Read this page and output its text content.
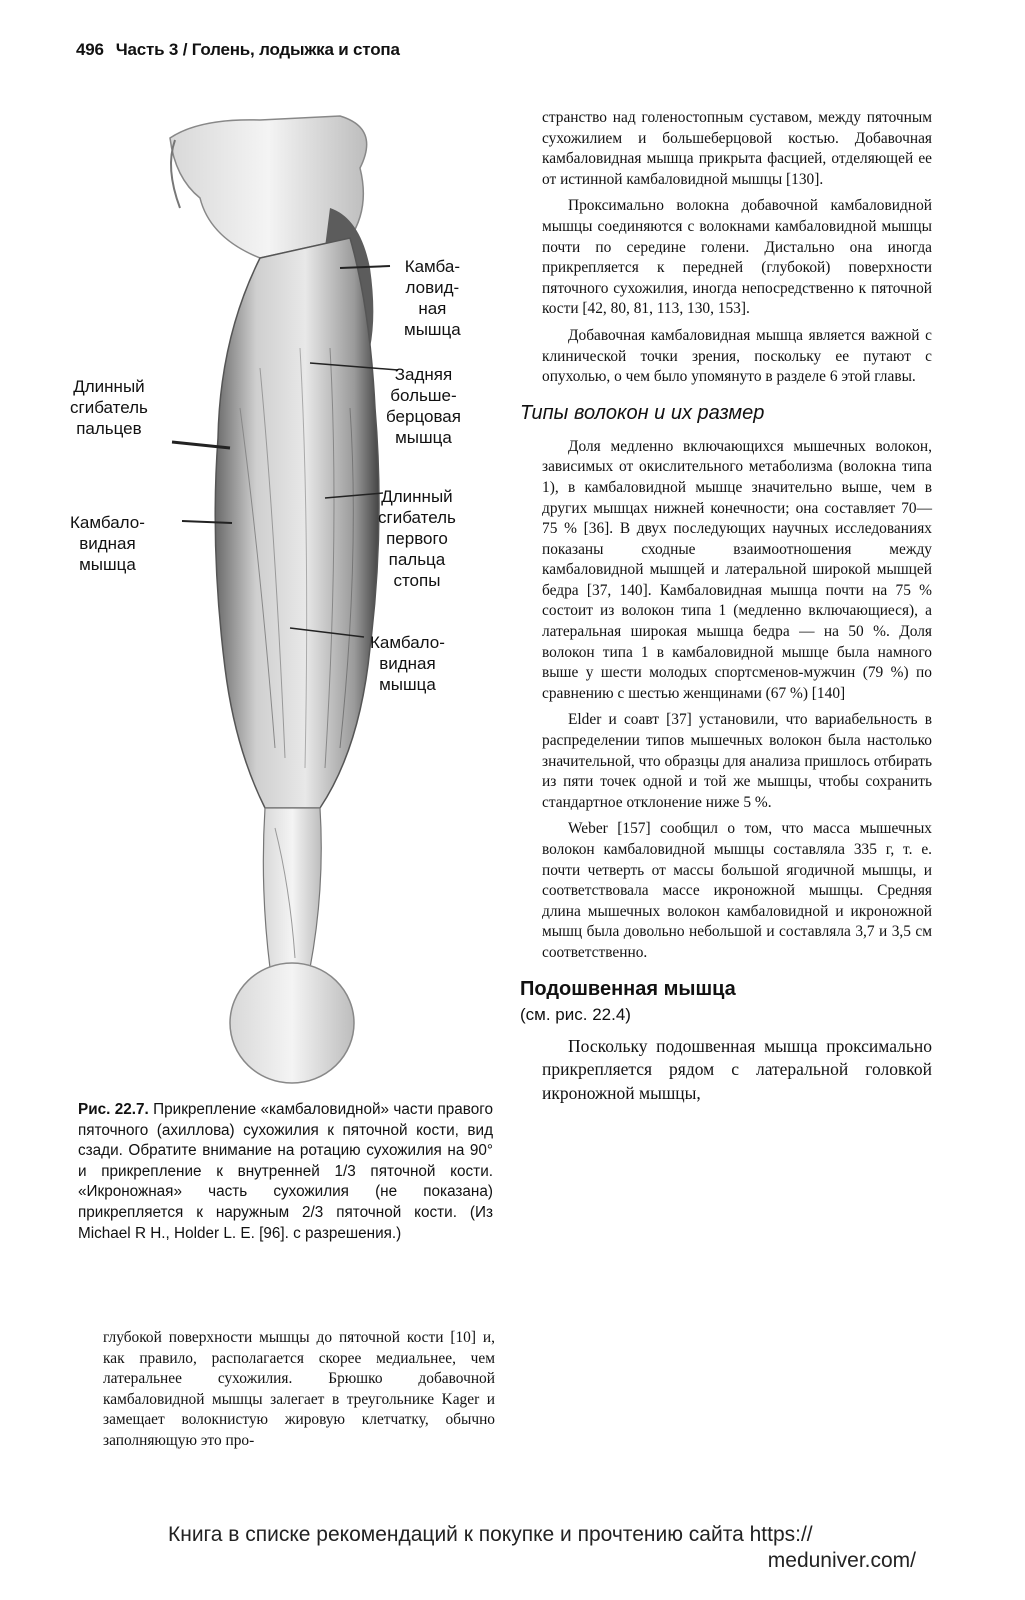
496 Часть 3 / Голень, лодыжка и стопа
Камба-
ловид-
ная
мышца
Длинный
сгибатель
пальцев
Задняя
больше-
берцовая
мышца
Камбало-
видная
мышца
Длинный
сгибатель
первого
пальца
стопы
Камбало-
видная
мышца
Рис. 22.7. Прикрепление «камбаловидной» части правого пяточного (ахиллова) сухожилия к пяточной кости, вид сзади. Обратите внимание на ротацию сухожилия на 90° и прикрепление к внутренней 1/3 пяточной кости. «Икроножная» часть сухожилия (не показана) прикрепляется к наружным 2/3 пяточной кости. (Из Michael R H., Holder L. E. [96]. с разрешения.)

глубокой поверхности мышцы до пяточной кости [10] и, как правило, располагается скорее медиальнее, чем латеральнее сухожилия. Брюшко добавочной камбаловидной мышцы залегает в треугольнике Kager и замещает волокнистую жировую клетчатку, обычно заполняющую это про-

странство над голеностопным суставом, между пяточным сухожилием и большеберцовой костью. Добавочная камбаловидная мышца прикрыта фасцией, отделяющей ее от истинной камбаловидной мышцы [130].

Проксимально волокна добавочной камбаловидной мышцы соединяются с волокнами камбаловидной мышцы почти по середине голени. Дистально она иногда прикрепляется к передней (глубокой) поверхности пяточного сухожилия, иногда непосредственно к пяточной кости [42, 80, 81, 113, 130, 153].

Добавочная камбаловидная мышца является важной с клинической точки зрения, поскольку ее путают с опухолью, о чем было упомянуто в разделе 6 этой главы.

Типы волокон и их размер

Доля медленно включающихся мышечных волокон, зависимых от окислительного метаболизма (волокна типа 1), в камбаловидной мышце значительно выше, чем в других мышцах нижней конечности; она составляет 70—75 % [36]. В двух последующих научных исследованиях показаны сходные взаимоотношения между камбаловидной мышцей и латеральной широкой мышцей бедра [37, 140]. Камбаловидная мышца почти на 75 % состоит из волокон типа 1 (медленно включающиеся), а латеральная широкая мышца бедра — на 50 %. Доля волокон типа 1 в камбаловидной мышце была намного выше у шести молодых спортсменов-мужчин (79 %) по сравнению с шестью женщинами (67 %) [140]

Elder и соавт [37] установили, что вариабельность в распределении типов мышечных волокон была настолько значительной, что образцы для анализа пришлось отбирать из пяти точек одной и той же мышцы, чтобы сохранить стандартное отклонение ниже 5 %.

Weber [157] сообщил о том, что масса мышечных волокон камбаловидной мышцы составляла 335 г, т. е. почти четверть от массы большой ягодичной мышцы, и соответствовала массе икроножной мышцы. Средняя длина мышечных волокон камбаловидной и икроножной мышц была довольно небольшой и составляла 3,7 и 3,5 см соответственно.

Подошвенная мышца
(см. рис. 22.4)

Поскольку подошвенная мышца проксимально прикрепляется рядом с латеральной головкой икроножной мышцы,

Книга в списке рекомендаций к покупке и прочтению сайта https://
meduniver.com/
